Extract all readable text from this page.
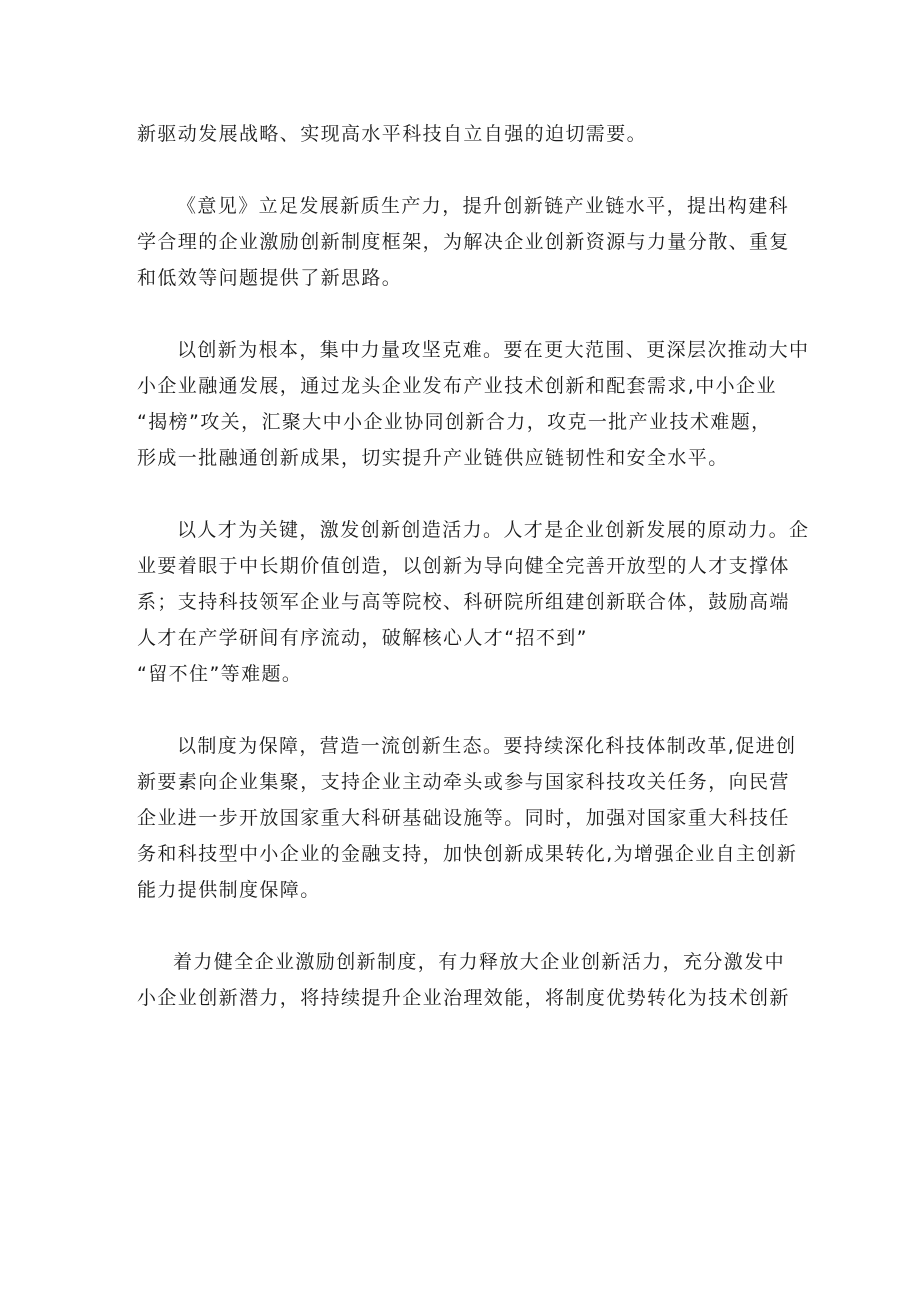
新驱动发展战略、实现高水平科技自立自强的迫切需要。
《意见》立足发展新质生产力，提升创新链产业链水平，提出构建科
学合理的企业激励创新制度框架，为解决企业创新资源与力量分散、重复
和低效等问题提供了新思路。
以创新为根本，集中力量攻坚克难。要在更大范围、更深层次推动大中
小企业融通发展，通过龙头企业发布产业技术创新和配套需求,中小企业
“揭榜”攻关，汇聚大中小企业协同创新合力，攻克一批产业技术难题，
形成一批融通创新成果，切实提升产业链供应链韧性和安全水平。
以人才为关键，激发创新创造活力。人才是企业创新发展的原动力。企
业要着眼于中长期价值创造，以创新为导向健全完善开放型的人才支撑体
系；支持科技领军企业与高等院校、科研院所组建创新联合体，鼓励高端
人才在产学研间有序流动，破解核心人才“招不到”
“留不住”等难题。
以制度为保障，营造一流创新生态。要持续深化科技体制改革,促进创
新要素向企业集聚，支持企业主动牵头或参与国家科技攻关任务，向民营
企业进一步开放国家重大科研基础设施等。同时，加强对国家重大科技任
务和科技型中小企业的金融支持，加快创新成果转化,为增强企业自主创新
能力提供制度保障。
着力健全企业激励创新制度，有力释放大企业创新活力，充分激发中
小企业创新潜力，将持续提升企业治理效能，将制度优势转化为技术创新
